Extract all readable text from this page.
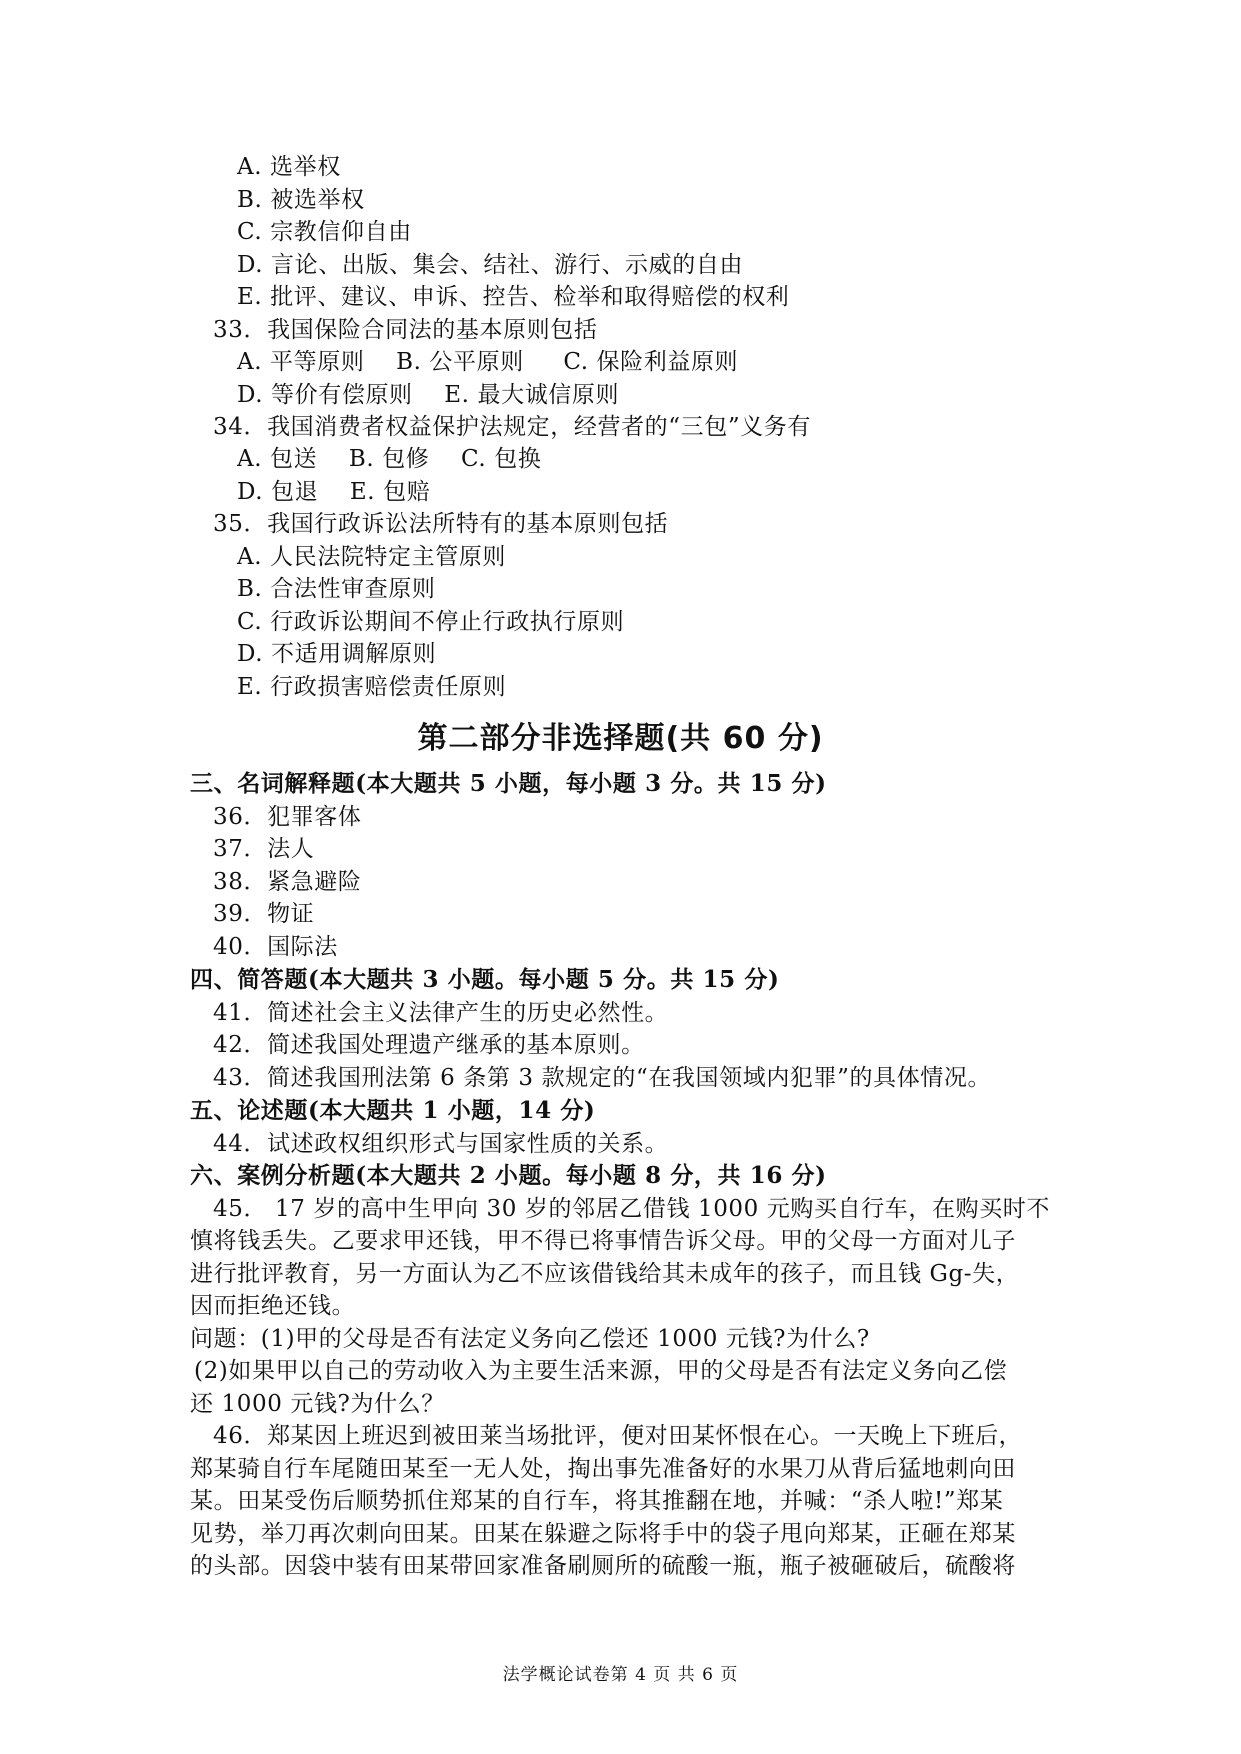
A. 选举权
B. 被选举权
C. 宗教信仰自由
D. 言论、出版、集会、结社、游行、示威的自由
E. 批评、建议、申诉、控告、检举和取得赔偿的权利
33．我国保险合同法的基本原则包括
A. 平等原则    B. 公平原则     C. 保险利益原则
D. 等价有偿原则    E. 最大诚信原则
34．我国消费者权益保护法规定，经营者的“三包”义务有
A. 包送    B. 包修    C. 包换
D. 包退    E. 包赔
35．我国行政诉讼法所特有的基本原则包括
A. 人民法院特定主管原则
B. 合法性审查原则
C. 行政诉讼期间不停止行政执行原则
D. 不适用调解原则
E. 行政损害赔偿责任原则
第二部分非选择题(共 60 分)
三、名词解释题(本大题共 5 小题，每小题 3 分。共 15 分)
36．犯罪客体
37．法人
38．紧急避险
39．物证
40．国际法
四、简答题(本大题共 3 小题。每小题 5 分。共 15 分)
41．简述社会主义法律产生的历史必然性。
42．简述我国处理遗产继承的基本原则。
43．简述我国刑法第 6 条第 3 款规定的“在我国领域内犯罪”的具体情况。
五、论述题(本大题共 1 小题，14 分)
44．试述政权组织形式与国家性质的关系。
六、案例分析题(本大题共 2 小题。每小题 8 分，共 16 分)
45． 17 岁的高中生甲向 30 岁的邻居乙借钱 1000 元购买自行车，在购买时不
慎将钱丢失。乙要求甲还钱，甲不得已将事情告诉父母。甲的父母一方面对儿子
进行批评教育，另一方面认为乙不应该借钱给其未成年的孩子，而且钱 Gg-失，
因而拒绝还钱。
问题：(1)甲的父母是否有法定义务向乙偿还 1000 元钱?为什么?
(2)如果甲以自己的劳动收入为主要生活来源，甲的父母是否有法定义务向乙偿
还 1000 元钱?为什么？
46．郑某因上班迟到被田莱当场批评，便对田某怀恨在心。一天晚上下班后，
郑某骑自行车尾随田某至一无人处，掏出事先准备好的水果刀从背后猛地刺向田
某。田某受伤后顺势抓住郑某的自行车，将其推翻在地，并喊：“杀人啦!”郑某
见势，举刀再次刺向田某。田某在躲避之际将手中的袋子甩向郑某，正砸在郑某
的头部。因袋中装有田某带回家准备刷厕所的硫酸一瓶，瓶子被砸破后，硫酸将
法学概论试卷第 4 页 共 6 页
